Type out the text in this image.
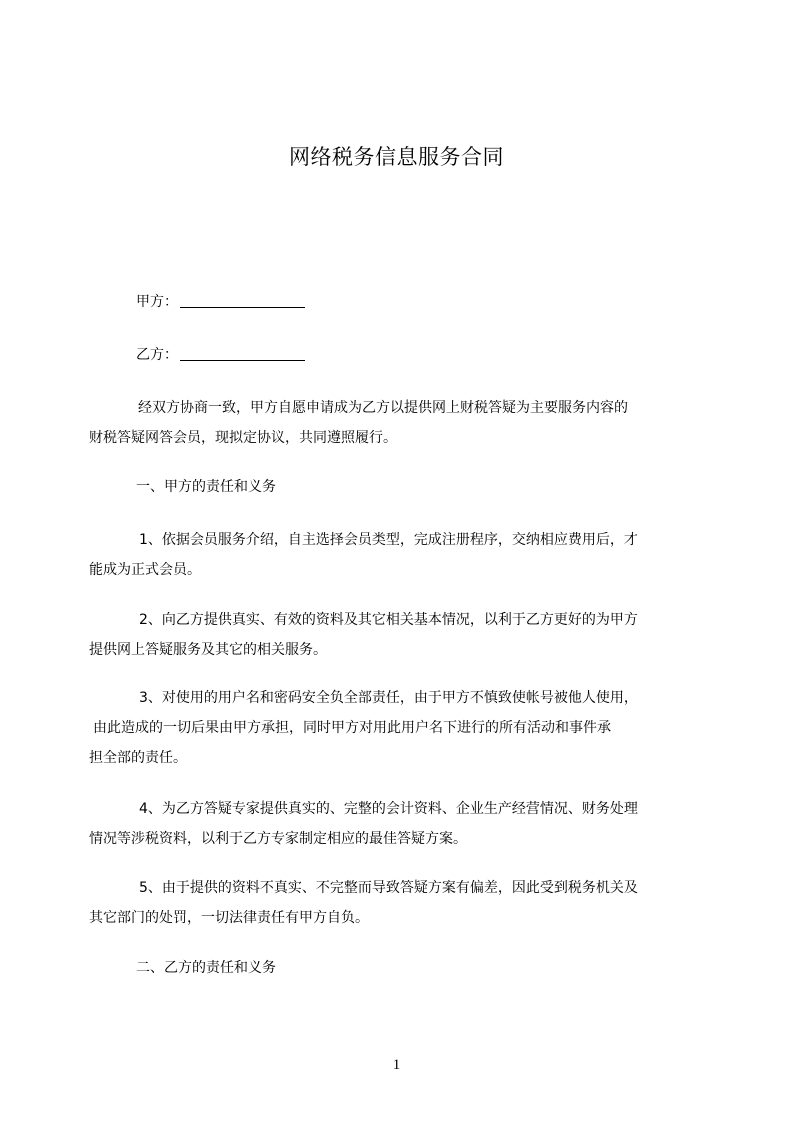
网络税务信息服务合同
甲方：
乙方：

经双方协商一致，甲方自愿申请成为乙方以提供网上财税答疑为主要服务内容的

财税答疑网答会员，现拟定协议，共同遵照履行。

一、甲方的责任和义务

1、依据会员服务介绍，自主选择会员类型，完成注册程序，交纳相应费用后，才

能成为正式会员。

2、向乙方提供真实、有效的资料及其它相关基本情况，以利于乙方更好的为甲方

提供网上答疑服务及其它的相关服务。

3、对使用的用户名和密码安全负全部责任，由于甲方不慎致使帐号被他人使用，

由此造成的一切后果由甲方承担，同时甲方对用此用户名下进行的所有活动和事件承

担全部的责任。

4、为乙方答疑专家提供真实的、完整的会计资料、企业生产经营情况、财务处理

情况等涉税资料，以利于乙方专家制定相应的最佳答疑方案。

5、由于提供的资料不真实、不完整而导致答疑方案有偏差，因此受到税务机关及

其它部门的处罚，一切法律责任有甲方自负。

二、乙方的责任和义务
1
